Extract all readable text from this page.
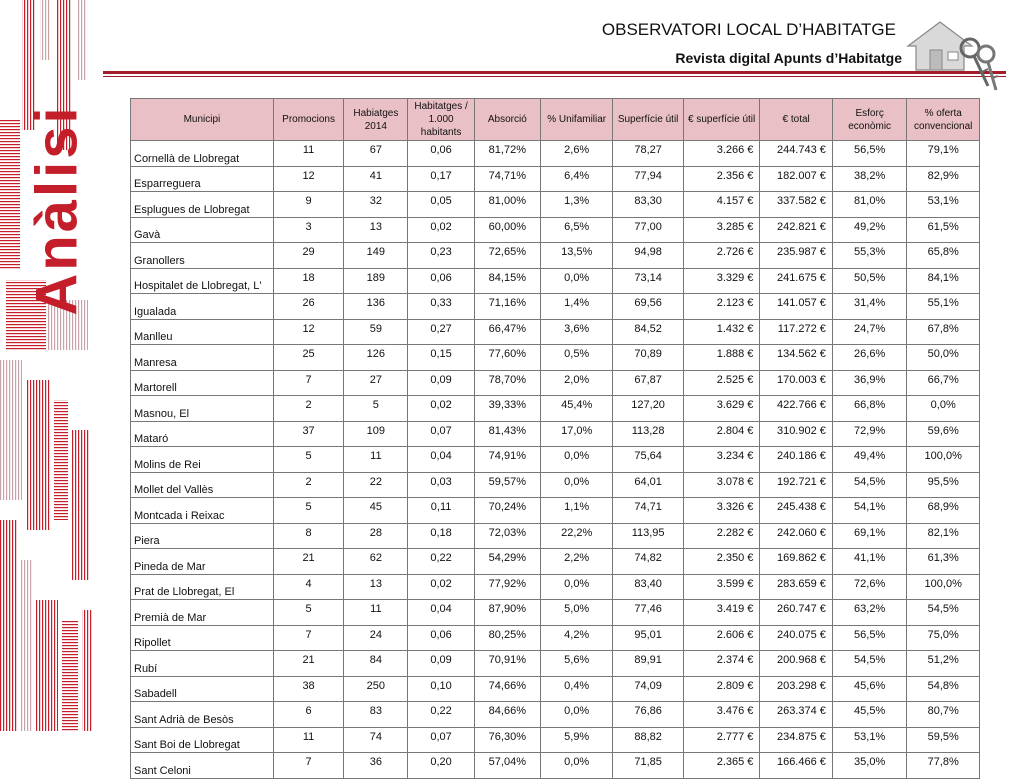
Anàlisi
OBSERVATORI LOCAL D’HABITATGE
Revista digital Apunts d’Habitatge
Municipi	Promocions	Habiatges 2014	Habitatges / 1.000 habitants	Absorció	% Unifamiliar	Superfície útil	€ superfície útil	€ total	Esforç econòmic	% oferta convencional
Cornellà de Llobregat	11	67	0,06	81,72%	2,6%	78,27	3.266 €	244.743 €	56,5%	79,1%
Esparreguera	12	41	0,17	74,71%	6,4%	77,94	2.356 €	182.007 €	38,2%	82,9%
Esplugues de Llobregat	9	32	0,05	81,00%	1,3%	83,30	4.157 €	337.582 €	81,0%	53,1%
Gavà	3	13	0,02	60,00%	6,5%	77,00	3.285 €	242.821 €	49,2%	61,5%
Granollers	29	149	0,23	72,65%	13,5%	94,98	2.726 €	235.987 €	55,3%	65,8%
Hospitalet de Llobregat, L'	18	189	0,06	84,15%	0,0%	73,14	3.329 €	241.675 €	50,5%	84,1%
Igualada	26	136	0,33	71,16%	1,4%	69,56	2.123 €	141.057 €	31,4%	55,1%
Manlleu	12	59	0,27	66,47%	3,6%	84,52	1.432 €	117.272 €	24,7%	67,8%
Manresa	25	126	0,15	77,60%	0,5%	70,89	1.888 €	134.562 €	26,6%	50,0%
Martorell	7	27	0,09	78,70%	2,0%	67,87	2.525 €	170.003 €	36,9%	66,7%
Masnou, El	2	5	0,02	39,33%	45,4%	127,20	3.629 €	422.766 €	66,8%	0,0%
Mataró	37	109	0,07	81,43%	17,0%	113,28	2.804 €	310.902 €	72,9%	59,6%
Molins de Rei	5	11	0,04	74,91%	0,0%	75,64	3.234 €	240.186 €	49,4%	100,0%
Mollet del Vallès	2	22	0,03	59,57%	0,0%	64,01	3.078 €	192.721 €	54,5%	95,5%
Montcada i Reixac	5	45	0,11	70,24%	1,1%	74,71	3.326 €	245.438 €	54,1%	68,9%
Piera	8	28	0,18	72,03%	22,2%	113,95	2.282 €	242.060 €	69,1%	82,1%
Pineda de Mar	21	62	0,22	54,29%	2,2%	74,82	2.350 €	169.862 €	41,1%	61,3%
Prat de Llobregat, El	4	13	0,02	77,92%	0,0%	83,40	3.599 €	283.659 €	72,6%	100,0%
Premià de Mar	5	11	0,04	87,90%	5,0%	77,46	3.419 €	260.747 €	63,2%	54,5%
Ripollet	7	24	0,06	80,25%	4,2%	95,01	2.606 €	240.075 €	56,5%	75,0%
Rubí	21	84	0,09	70,91%	5,6%	89,91	2.374 €	200.968 €	54,5%	51,2%
Sabadell	38	250	0,10	74,66%	0,4%	74,09	2.809 €	203.298 €	45,6%	54,8%
Sant Adrià de Besòs	6	83	0,22	84,66%	0,0%	76,86	3.476 €	263.374 €	45,5%	80,7%
Sant Boi de Llobregat	11	74	0,07	76,30%	5,9%	88,82	2.777 €	234.875 €	53,1%	59,5%
Sant Celoni	7	36	0,20	57,04%	0,0%	71,85	2.365 €	166.466 €	35,0%	77,8%
